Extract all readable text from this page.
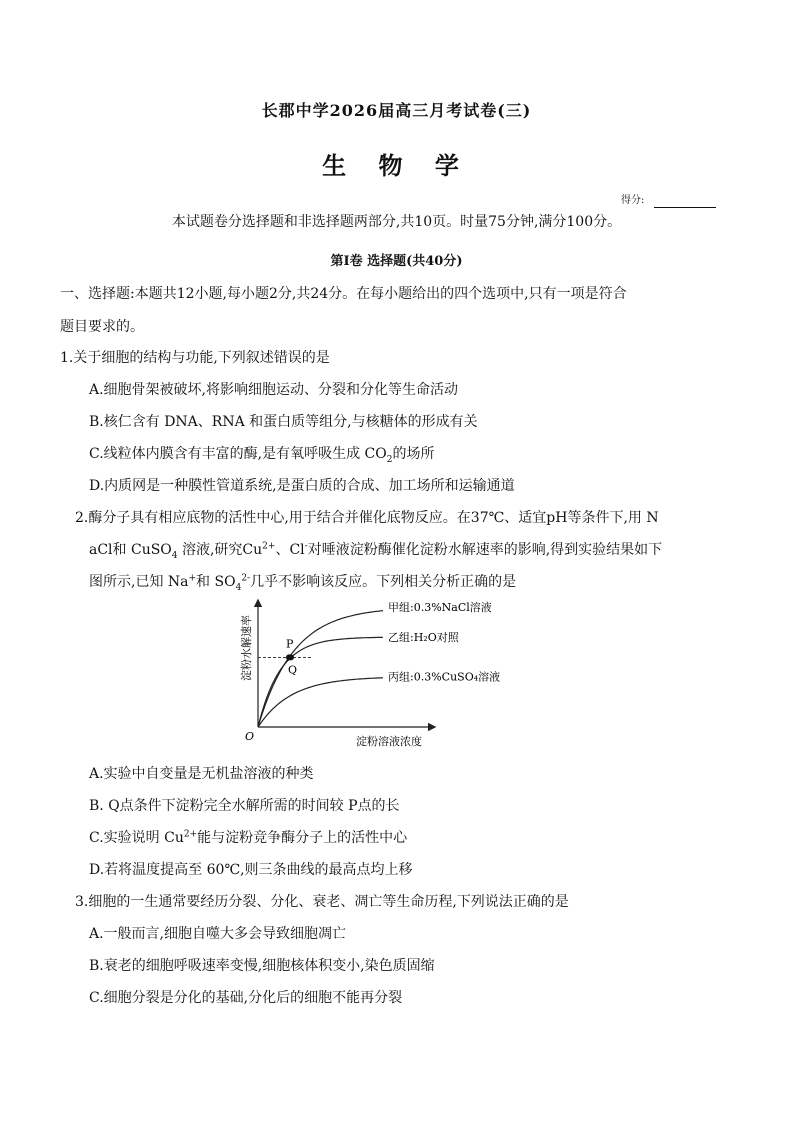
长郡中学2026届高三月考试卷(三)
生 物 学
得分:
本试题卷分选择题和非选择题两部分,共10页。时量75分钟,满分100分。
第Ⅰ卷 选择题(共40分)
一、选择题:本题共12小题,每小题2分,共24分。在每小题给出的四个选项中,只有一项是符合
题目要求的。
1.关于细胞的结构与功能,下列叙述错误的是
A.细胞骨架被破坏,将影响细胞运动、分裂和分化等生命活动
B.核仁含有 DNA、RNA 和蛋白质等组分,与核糖体的形成有关
C.线粒体内膜含有丰富的酶,是有氧呼吸生成 $CO_2$的场所
D.内质网是一种膜性管道系统,是蛋白质的合成、加工场所和运输通道
2.酶分子具有相应底物的活性中心,用于结合并催化底物反应。在37℃、适宜pH等条件下,用 N
aCl和 CuSO$_4$ 溶液,研究$Cu^{2+}$、Cl-对唾液淀粉酶催化淀粉水解速率的影响,得到实验结果如下
图所示,已知 Na+和 $SO_4^{2-}$几乎不影响该反应。下列相关分析正确的是
淀粉水解速率
淀粉溶液浓度
O
甲组:0.3%NaCl溶液
乙组:H₂O对照
丙组:0.3%CuSO₄溶液
P
Q
A.实验中自变量是无机盐溶液的种类
B. Q点条件下淀粉完全水解所需的时间较 P点的长
C.实验说明 $Cu^{2+}$能与淀粉竞争酶分子上的活性中心
D.若将温度提高至 60℃,则三条曲线的最高点均上移
3.细胞的一生通常要经历分裂、分化、衰老、凋亡等生命历程,下列说法正确的是
A.一般而言,细胞自噬大多会导致细胞凋亡
B.衰老的细胞呼吸速率变慢,细胞核体积变小,染色质固缩
C.细胞分裂是分化的基础,分化后的细胞不能再分裂
